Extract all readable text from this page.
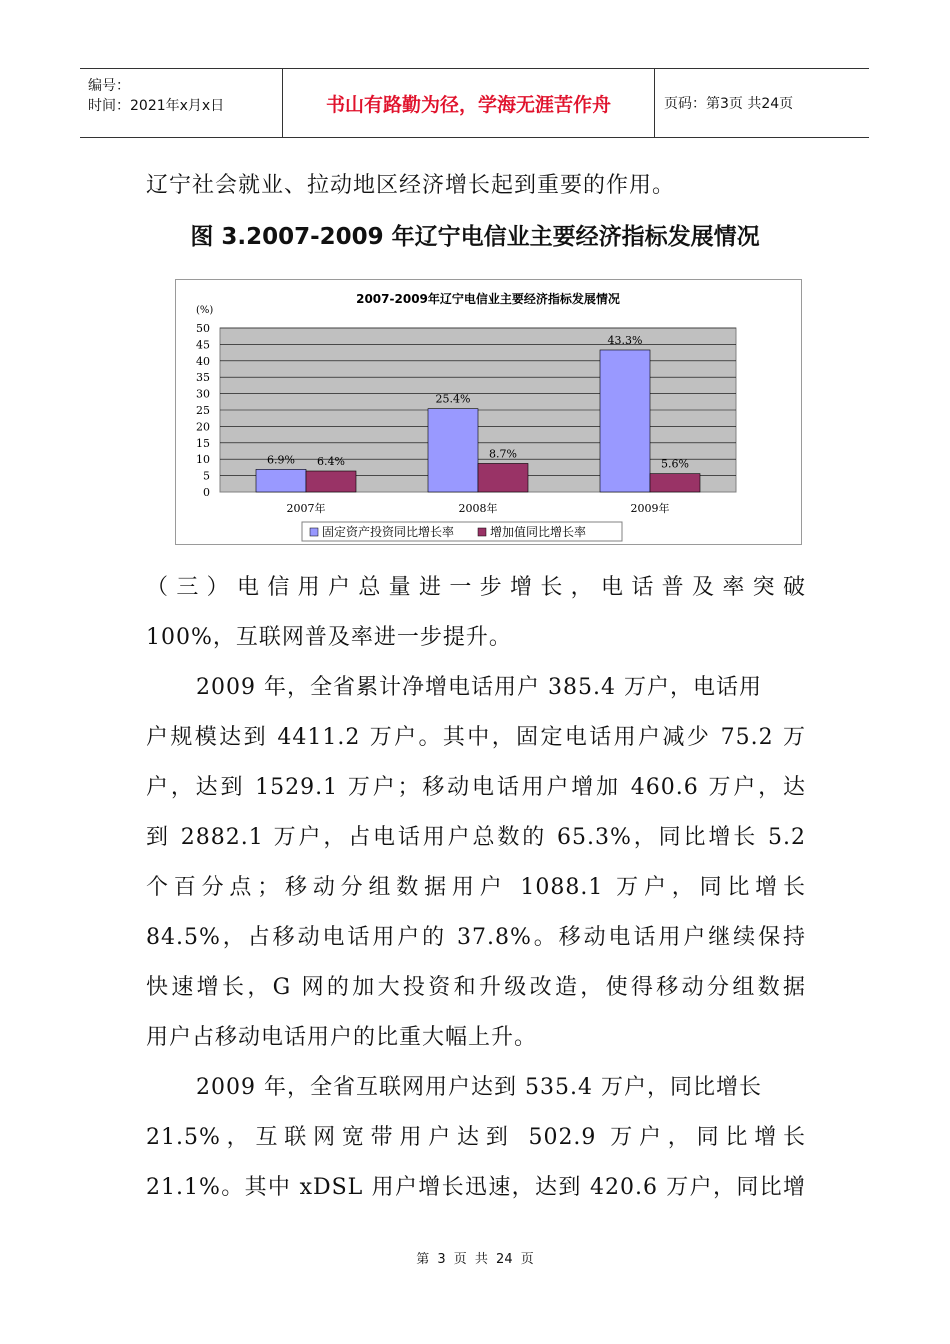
编号：
时间：2021年x月x日	书山有路勤为径，学海无涯苦作舟	页码：第3页 共24页
辽宁社会就业、拉动地区经济增长起到重要的作用。
图 3.2007-2009 年辽宁电信业主要经济指标发展情况
2007-2009年辽宁电信业主要经济指标发展情况
(%)
0
5
10
15
20
25
30
35
40
45
50
6.9% 6.4%
2007年
25.4%
8.7%
2008年
43.3%
5.6%
2009年
固定资产投资同比增长率	增加值同比增长率
（三）电信用户总量进一步增长，电话普及率突破
100%，互联网普及率进一步提升。
2009 年，全省累计净增电话用户 385.4 万户，电话用
户规模达到 4411.2 万户。其中，固定电话用户减少 75.2 万
户，达到 1529.1 万户；移动电话用户增加 460.6 万户，达
到 2882.1 万户，占电话用户总数的 65.3%，同比增长 5.2
个百分点；移动分组数据用户 1088.1 万户，同比增长
84.5%，占移动电话用户的 37.8%。移动电话用户继续保持
快速增长，G 网的加大投资和升级改造，使得移动分组数据
用户占移动电话用户的比重大幅上升。
2009 年，全省互联网用户达到 535.4 万户，同比增长
21.5%，互联网宽带用户达到 502.9 万户，同比增长
21.1%。其中 xDSL 用户增长迅速，达到 420.6 万户，同比增
第 3 页 共 24 页
